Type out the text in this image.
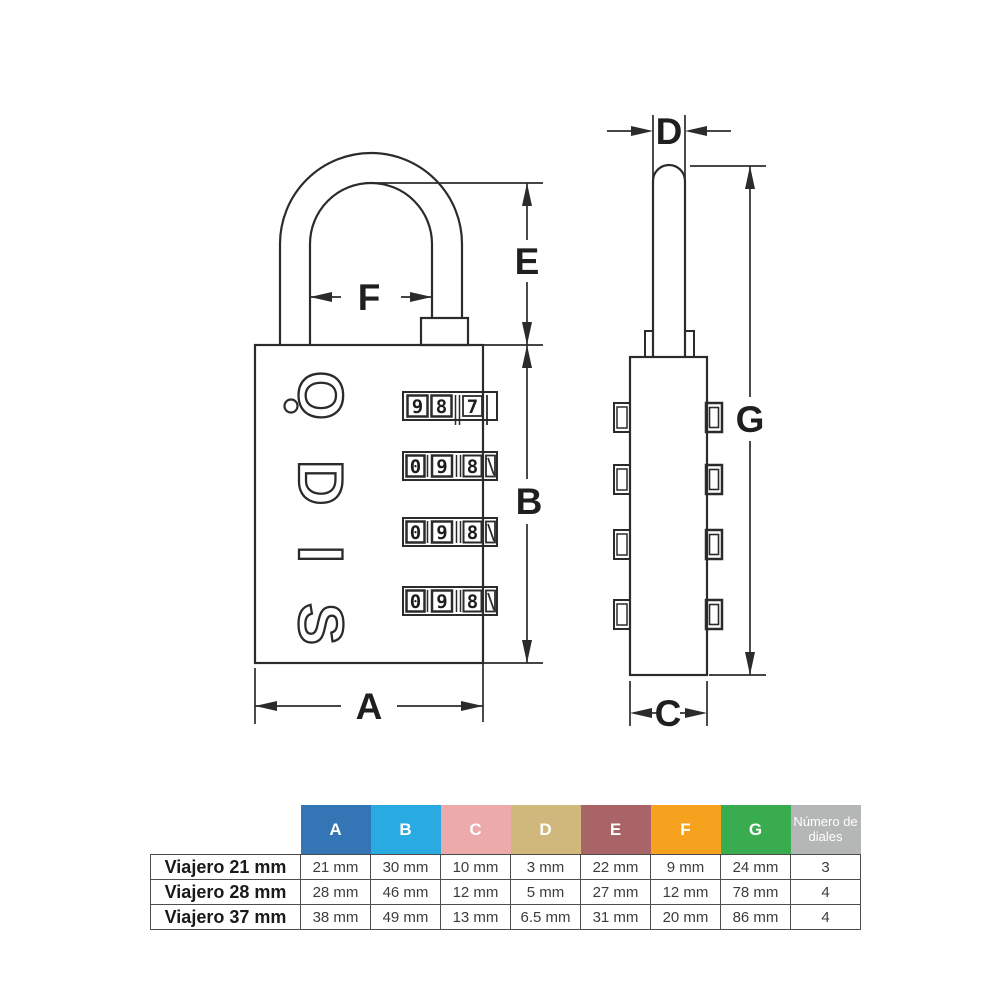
9 8 7
0 9 8
0 9 8
0 9 8
ODIS
E
B
F
A
D
G
C
	A	B	C	D	E	F	G	Número de diales
Viajero 21 mm	21 mm	30 mm	10 mm	3 mm	22 mm	9 mm	24 mm	3
Viajero 28 mm	28 mm	46 mm	12 mm	5 mm	27 mm	12 mm	78 mm	4
Viajero 37 mm	38 mm	49 mm	13 mm	6.5 mm	31 mm	20 mm	86 mm	4
